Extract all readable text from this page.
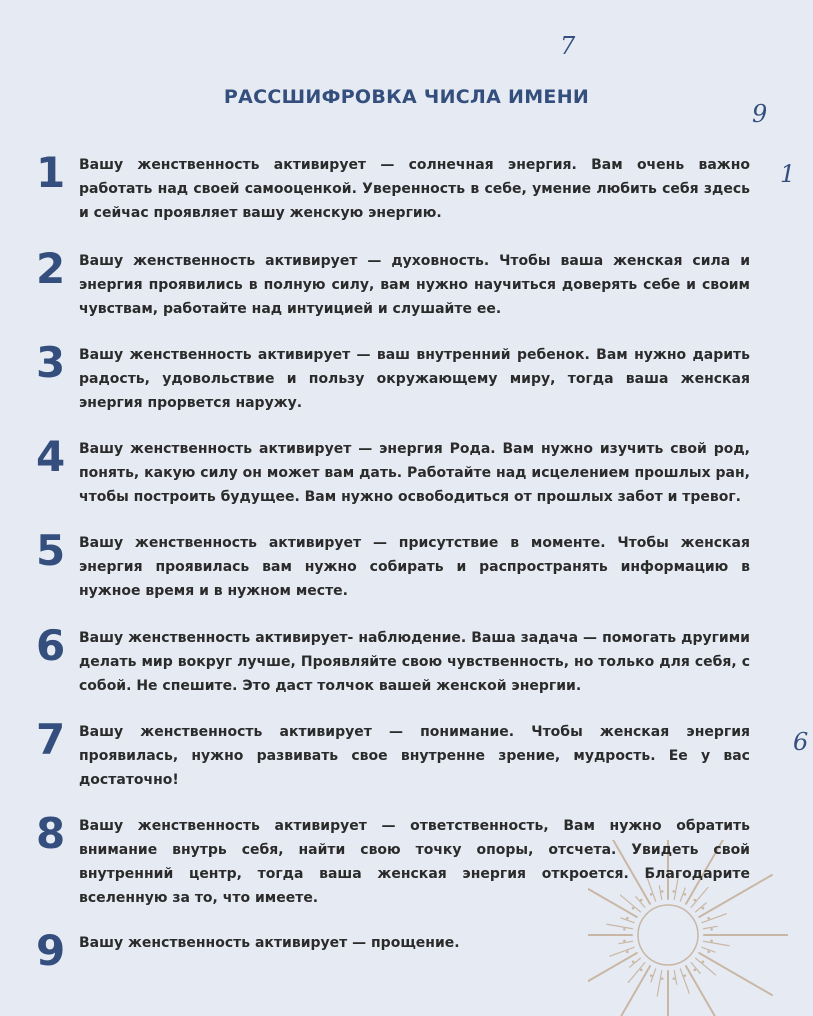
РАССШИФРОВКА ЧИСЛА ИМЕНИ
7
9
1
6
1 Вашу женственность активирует — солнечная энергия. Вам очень важно работать над своей самооценкой. Уверенность в себе, умение любить себя здесь и сейчас проявляет вашу женскую энергию.
2 Вашу женственность активирует — духовность. Чтобы ваша женская сила и энергия проявились в полную силу, вам нужно научиться доверять себе и своим чувствам, работайте над интуицией и слушайте ее.
3 Вашу женственность активирует — ваш внутренний ребенок. Вам нужно дарить радость, удовольствие и пользу окружающему миру, тогда ваша женская энергия прорвется наружу.
4 Вашу женственность активирует — энергия Рода. Вам нужно изучить свой род, понять, какую силу он может вам дать. Работайте над исцелением прошлых ран, чтобы построить будущее. Вам нужно освободиться от прошлых забот и тревог.
5 Вашу женственность активирует — присутствие в моменте. Чтобы женская энергия проявилась вам нужно собирать и распространять информацию в нужное время и в нужном месте.
6 Вашу женственность активирует- наблюдение. Ваша задача — помогать другими делать мир вокруг лучше, Проявляйте свою чувственность, но только для себя, с собой. Не спешите. Это даст толчок вашей женской энергии.
7 Вашу женственность активирует — понимание. Чтобы женская энергия проявилась, нужно развивать свое внутренне зрение, мудрость. Ее у вас достаточно!
8 Вашу женственность активирует — ответственность, Вам нужно обратить внимание внутрь себя, найти свою точку опоры, отсчета. Увидеть свой внутренний центр, тогда ваша женская энергия откроется. Благодарите вселенную за то, что имеете.
9 Вашу женственность активирует — прощение.
